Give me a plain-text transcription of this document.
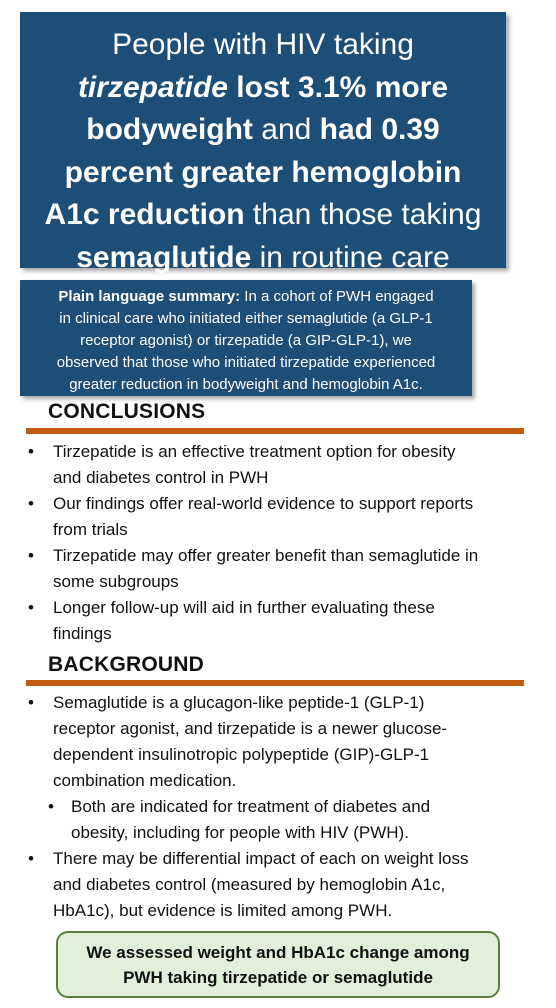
People with HIV taking
tirzepatide lost 3.1% more
bodyweight and had 0.39
percent greater hemoglobin
A1c reduction than those taking
semaglutide in routine care
Plain language summary: In a cohort of PWH engaged
in clinical care who initiated either semaglutide (a GLP-1
receptor agonist) or tirzepatide (a GIP-GLP-1), we
observed that those who initiated tirzepatide experienced
greater reduction in bodyweight and hemoglobin A1c.
CONCLUSIONS
• Tirzepatide is an effective treatment option for obesity
and diabetes control in PWH
• Our findings offer real-world evidence to support reports
from trials
• Tirzepatide may offer greater benefit than semaglutide in
some subgroups
• Longer follow-up will aid in further evaluating these
findings
BACKGROUND
• Semaglutide is a glucagon-like peptide-1 (GLP-1)
receptor agonist, and tirzepatide is a newer glucose-
dependent insulinotropic polypeptide (GIP)-GLP-1
combination medication.
• Both are indicated for treatment of diabetes and
obesity, including for people with HIV (PWH).
• There may be differential impact of each on weight loss
and diabetes control (measured by hemoglobin A1c,
HbA1c), but evidence is limited among PWH.
We assessed weight and HbA1c change among
PWH taking tirzepatide or semaglutide
